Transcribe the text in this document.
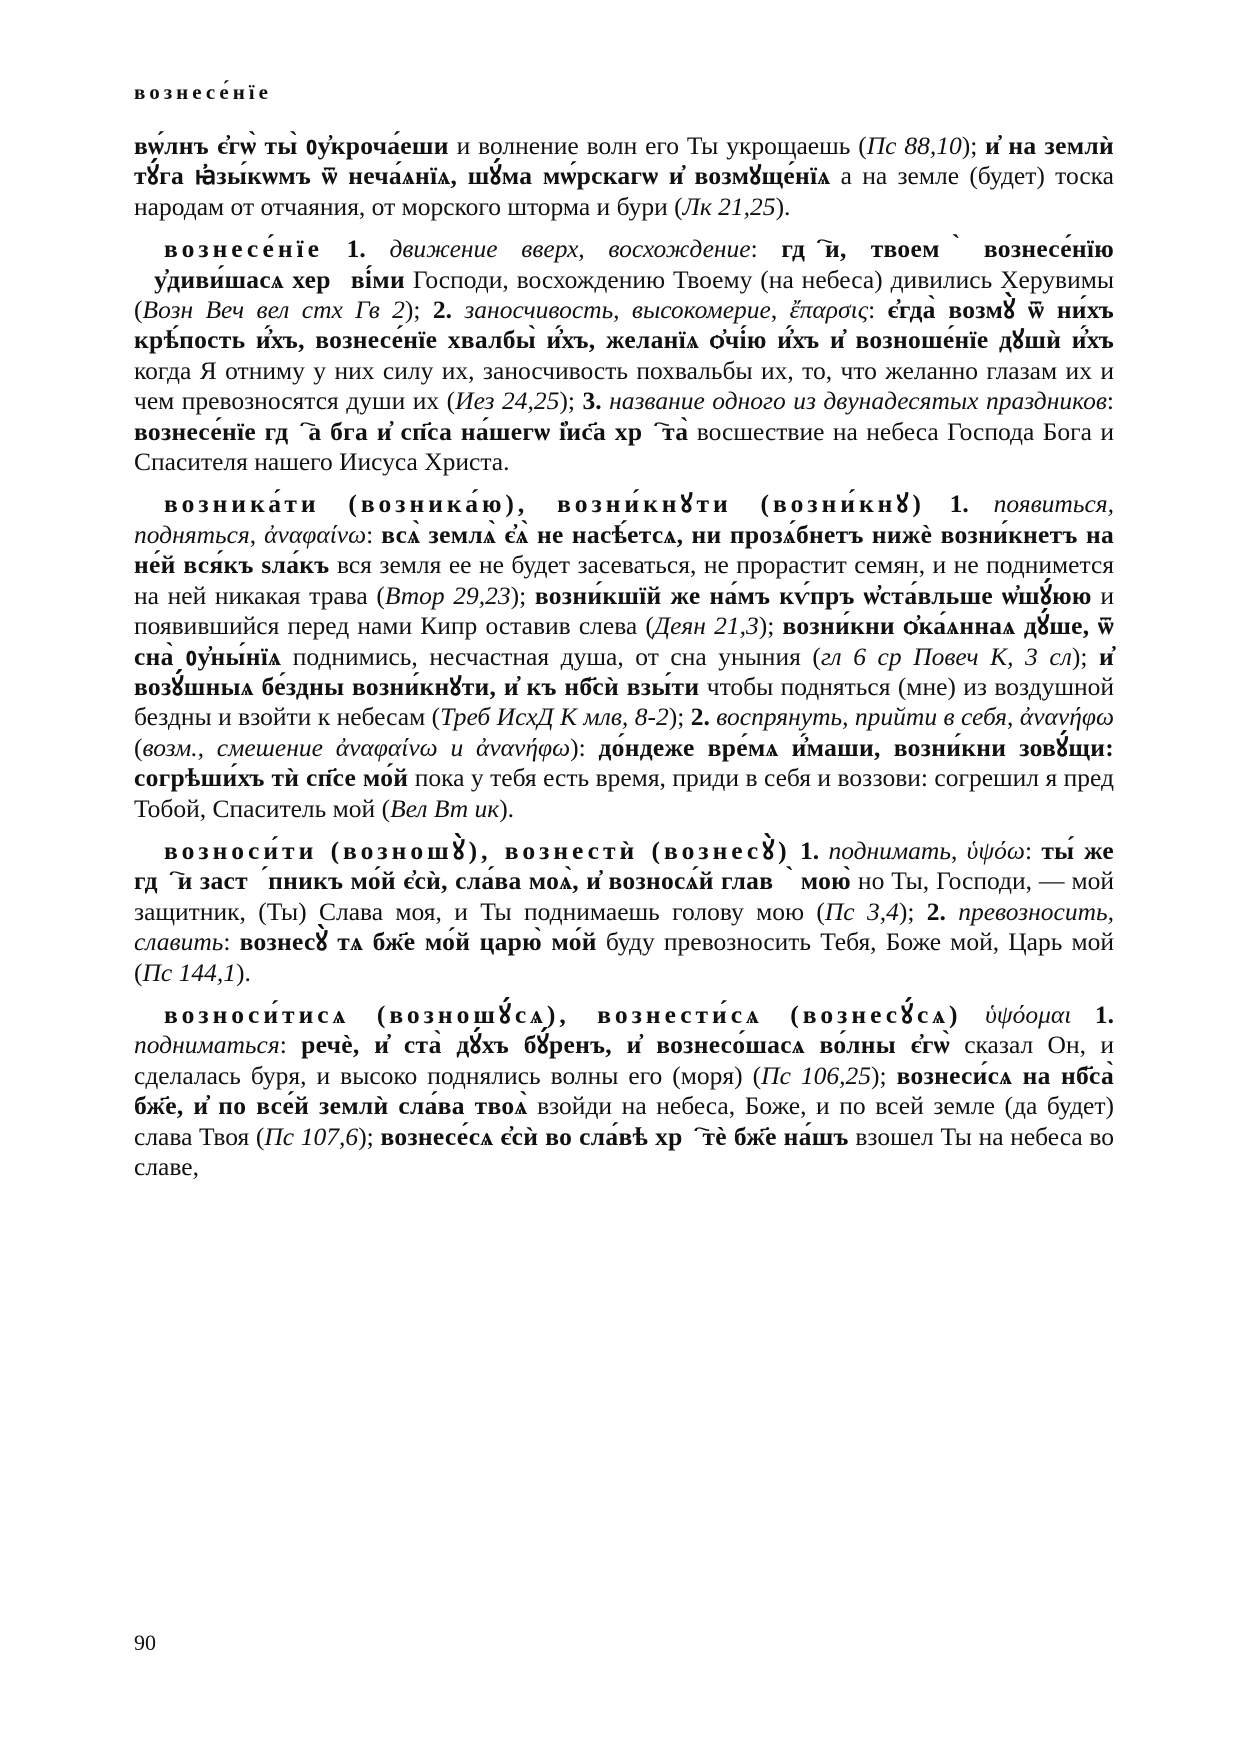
вознесе́нїе

вѡ́лнъ є҆гѡ̀ ты̀ ᲂу҆кроча́еши и волнение волн его Ты укрощаешь (Пс 88,10); и҆ на землѝ тꙋ́га ꙗ҆зы́кѡмъ ѿ неча́ѧнїѧ, шꙋ́ма мѡ́рскагѡ и҆ возмꙋще́нїѧ а на земле (будет) тоска народам от отчаяния, от морского шторма и бури (Лк 21,25).

вознесе́нїе 1. движение вверх, восхождение: гдⷭ҇и, твоемꙋ̀ вознесе́нїю ᲂу҆диви́шасѧ херꙋві́ми Господи, восхождению Твоему (на небеса) дивились Херувимы (Возн Веч вел стх Гв 2); 2. заносчивость, высокомерие, ἔπαρσις: є҆гда̀ возмꙋ̀ ѿ ни́хъ крѣ́пость и҆́хъ, вознесе́нїе хвалбы̀ и҆́хъ, желанїѧ ѻ҆чі́ю и҆́хъ и҆ возноше́нїе дꙋшѝ и҆́хъ когда Я отниму у них силу их, заносчивость похвальбы их, то, что желанно глазам их и чем превозносятся души их (Иез 24,25); 3. название одного из двунадесятых праздников: вознесе́нїе гдⷭ҇а бга и҆ сп҃са на́шегѡ і҆ис҃а хрⷭ҇та̀ восшествие на небеса Господа Бога и Спасителя нашего Иисуса Христа.

возника́ти (возника́ю), возни́кнꙋти (возни́кнꙋ) 1. появиться, подняться, ἀναφαίνω: всѧ̀ землѧ̀ є҆ѧ̀ не насѣ́етсѧ, ни прозѧ́бнетъ нижѐ возни́кнетъ на не́й вся́къ ѕла́къ вся земля ее не будет засеваться, не прорастит семян, и не поднимется на ней никакая трава (Втор 29,23); возни́кшїй же на́мъ кѵ́пръ ѡ҆ста́вльше ѡ҆шꙋ́юю и появившийся перед нами Кипр оставив слева (Деян 21,3); возни́кни ѻ҆ка́ѧннаѧ дꙋ́ше, ѿ сна̀ ᲂу҆ны́нїѧ поднимись, несчастная душа, от сна уныния (гл 6 ср Повеч К, 3 сл); и҆ возꙋ́шныѧ бе́здны возни́кнꙋти, и҆ къ нб҃сѝ взы́ти чтобы подняться (мне) из воздушной бездны и взойти к небесам (Треб ИсхД К млв, 8-2); 2. воспрянуть, прийти в себя, ἀνανήφω (возм., смешение ἀναφαίνω и ἀνανήφω): до́ндеже вре́мѧ и҆́маши, возни́кни зовꙋ́щи: согрѣши́хъ тѝ сп҃се мо́й пока у тебя есть время, приди в себя и воззови: согрешил я пред Тобой, Спаситель мой (Вел Вт ик).

возноси́ти (возношꙋ̀), вознестѝ (вознесꙋ̀) 1. поднимать, ὑψόω: ты́ же гдⷭ҇и застꙋ́пникъ мо́й є҆сѝ, сла́ва моѧ̀, и҆ возносѧ́й главꙋ̀ мою̀ но Ты, Господи, — мой защитник, (Ты) Слава моя, и Ты поднимаешь голову мою (Пс 3,4); 2. превозносить, славить: вознесꙋ̀ тѧ бж҃е мо́й царю̀ мо́й буду превозносить Тебя, Боже мой, Царь мой (Пс 144,1).

возноси́тисѧ (возношꙋ́сѧ), вознести́сѧ (вознесꙋ́сѧ) ὑψόομαι 1. подниматься: речѐ, и҆ ста̀ дꙋ́хъ бꙋ́ренъ, и҆ вознесо́шасѧ во́лны є҆гѡ̀ сказал Он, и сделалась буря, и высоко поднялись волны его (моря) (Пс 106,25); вознеси́сѧ на нб҃са̀ бж҃е, и҆ по все́й землѝ сла́ва твоѧ̀ взойди на небеса, Боже, и по всей земле (да будет) слава Твоя (Пс 107,6); вознесе́сѧ є҆сѝ во сла́вѣ хрⷭ҇тѐ бж҃е на́шъ взошел Ты на небеса во славе,

90
